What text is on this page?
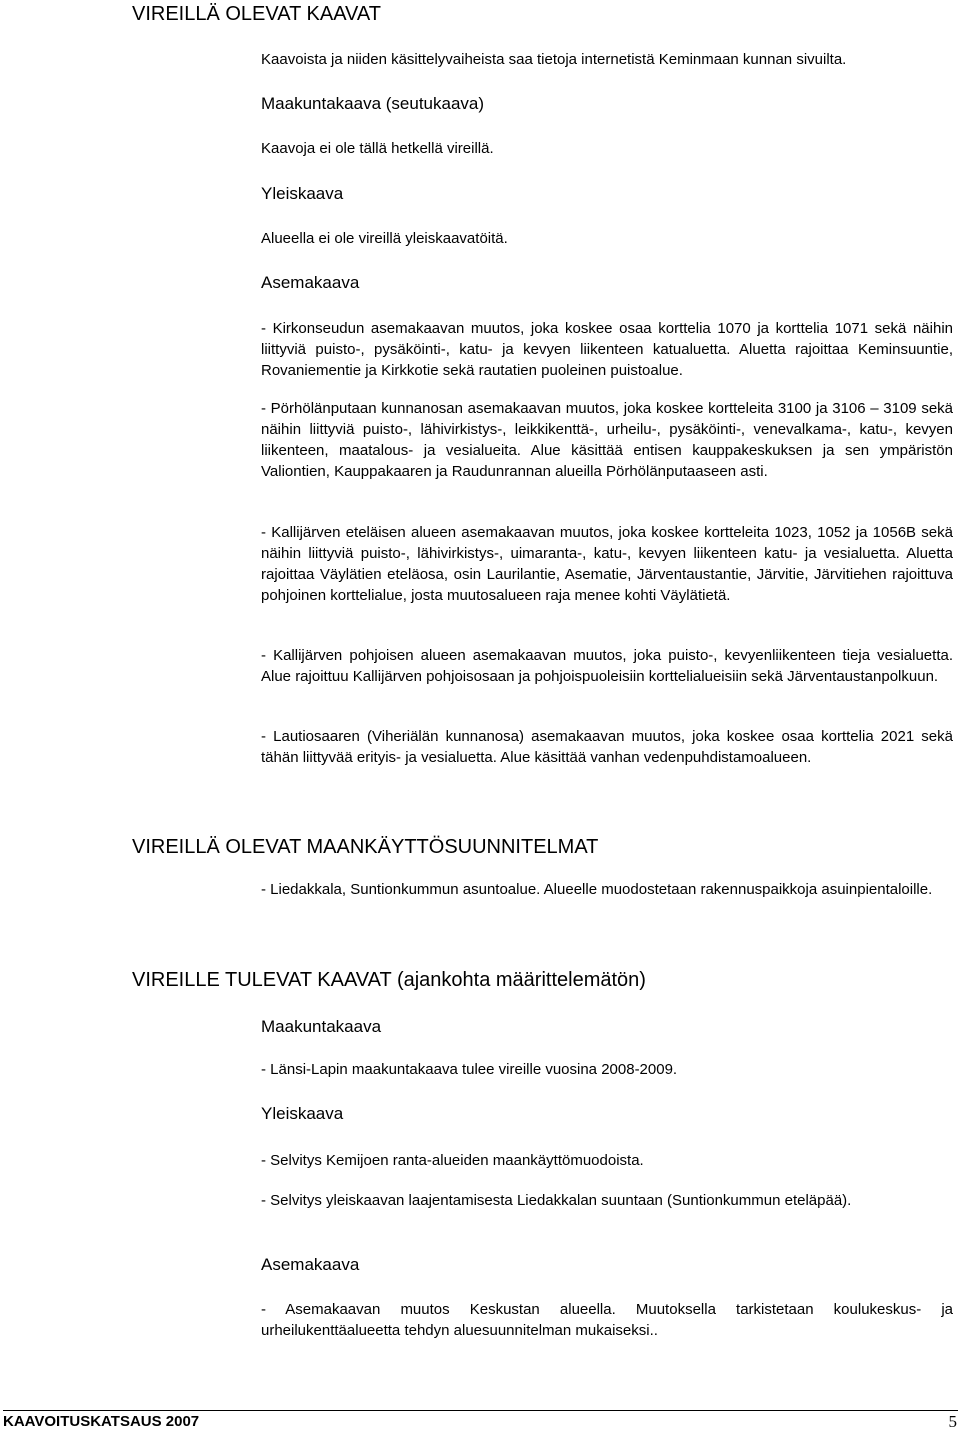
VIREILLÄ OLEVAT KAAVAT

Kaavoista ja niiden käsittelyvaiheista saa tietoja internetistä Keminmaan kunnan sivuilta.

Maakuntakaava (seutukaava)

Kaavoja ei ole tällä hetkellä vireillä.

Yleiskaava

Alueella ei ole vireillä yleiskaavatöitä.

Asemakaava

- Kirkonseudun asemakaavan muutos, joka koskee osaa korttelia 1070 ja korttelia 1071 sekä näihin liittyviä puisto-, pysäköinti-, katu- ja kevyen liikenteen katualuetta. Aluetta rajoittaa Keminsuuntie, Rovaniementie ja Kirkkotie sekä rautatien puoleinen puistoalue.

- Pörhölänputaan kunnanosan asemakaavan muutos, joka koskee kortteleita 3100 ja 3106 – 3109 sekä näihin liittyviä puisto-, lähivirkistys-, leikkikenttä-, urheilu-, pysäköinti-, venevalkama-, katu-, kevyen liikenteen, maatalous- ja vesialueita. Alue käsittää entisen kauppakeskuksen ja sen ympäristön Valiontien, Kauppakaaren ja Raudunrannan alueilla Pörhölänputaaseen asti.

- Kallijärven eteläisen alueen asemakaavan muutos, joka koskee kortteleita 1023, 1052 ja 1056B sekä näihin liittyviä puisto-, lähivirkistys-, uimaranta-, katu-, kevyen liikenteen katu- ja vesialuetta. Aluetta rajoittaa Väylätien eteläosa, osin Laurilantie, Asematie, Järventaustantie, Järvitie, Järvitiehen rajoittuva pohjoinen korttelialue, josta muutosalueen raja menee kohti Väylätietä.

- Kallijärven pohjoisen alueen asemakaavan muutos, joka puisto-, kevyenliikenteen tieja vesialuetta. Alue rajoittuu Kallijärven pohjoisosaan ja pohjoispuoleisiin korttelialueisiin sekä Järventaustanpolkuun.

- Lautiosaaren (Viheriälän kunnanosa) asemakaavan muutos, joka koskee osaa korttelia 2021 sekä tähän liittyvää erityis- ja vesialuetta. Alue käsittää vanhan vedenpuhdistamoalueen.

VIREILLÄ OLEVAT MAANKÄYTTÖSUUNNITELMAT

- Liedakkala, Suntionkummun asuntoalue. Alueelle muodostetaan rakennuspaikkoja asuinpientaloille.

VIREILLE TULEVAT KAAVAT (ajankohta määrittelemätön)
Maakuntakaava

- Länsi-Lapin maakuntakaava tulee vireille vuosina 2008-2009.

Yleiskaava

- Selvitys Kemijoen ranta-alueiden maankäyttömuodoista.

- Selvitys yleiskaavan laajentamisesta Liedakkalan suuntaan (Suntionkummun eteläpää).

Asemakaava

- Asemakaavan muutos Keskustan alueella. Muutoksella tarkistetaan koulukeskus- ja urheilukenttäalueetta tehdyn aluesuunnitelman mukaiseksi..

KAAVOITUSKATSAUS 2007	5
